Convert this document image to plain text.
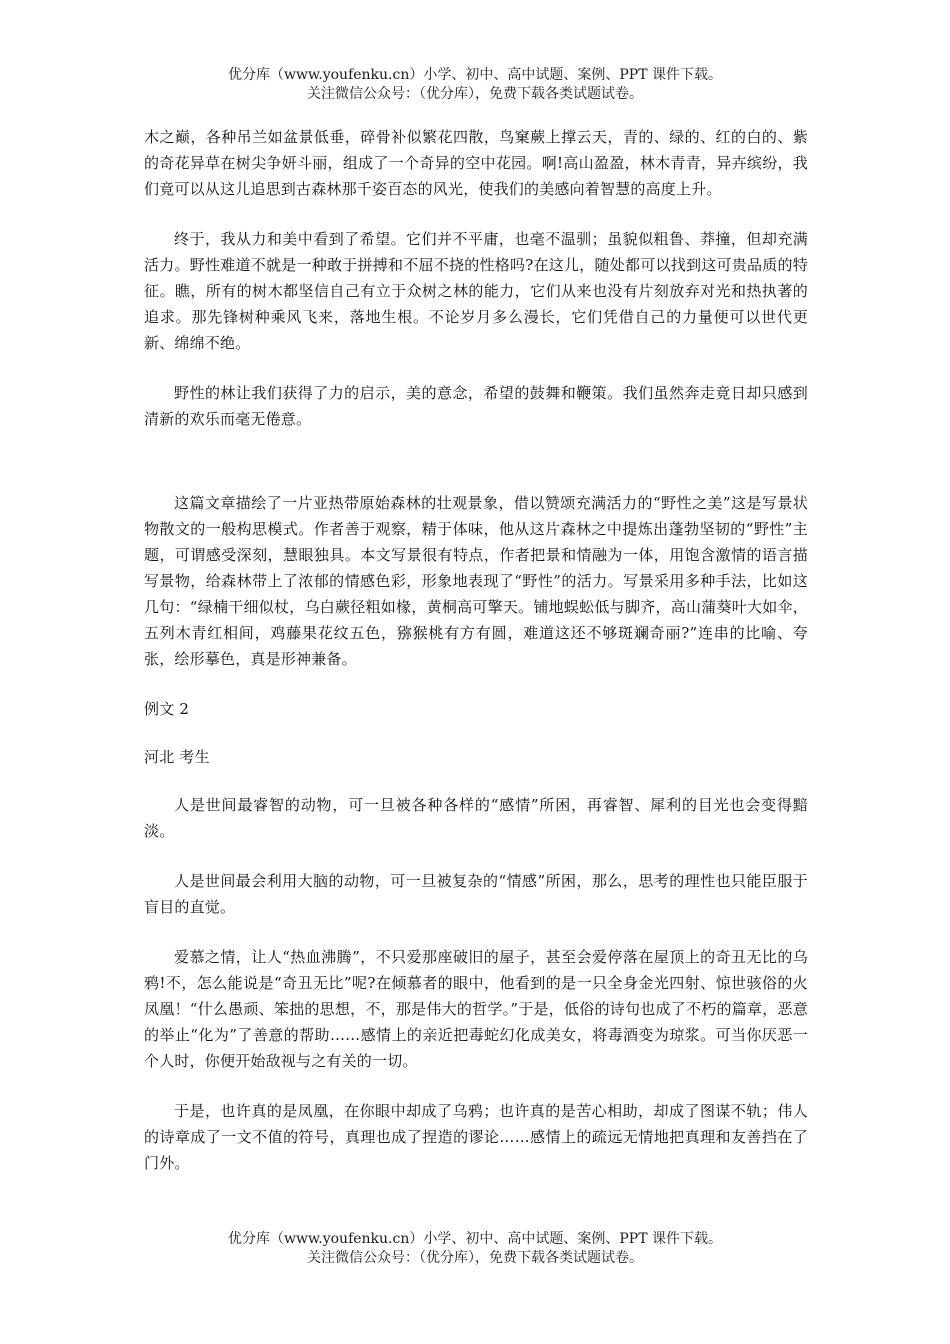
优分库（www.youfenku.cn）小学、初中、高中试题、案例、PPT 课件下载。
关注微信公众号：（优分库），免费下载各类试题试卷。

木之巅，各种吊兰如盆景低垂，碎骨补似繁花四散，鸟窠蕨上撑云天，青的、绿的、红的白的、紫的奇花异草在树尖争妍斗丽，组成了一个奇异的空中花园。啊!高山盈盈，林木青青，异卉缤纷，我们竟可以从这儿追思到古森林那千姿百态的风光，使我们的美感向着智慧的高度上升。

终于，我从力和美中看到了希望。它们并不平庸，也毫不温驯；虽貌似粗鲁、莽撞，但却充满活力。野性难道不就是一种敢于拼搏和不屈不挠的性格吗?在这儿，随处都可以找到这可贵品质的特征。瞧，所有的树木都坚信自己有立于众树之林的能力，它们从来也没有片刻放弃对光和热执著的追求。那先锋树种乘风飞来，落地生根。不论岁月多么漫长，它们凭借自己的力量便可以世代更新、绵绵不绝。

野性的林让我们获得了力的启示，美的意念，希望的鼓舞和鞭策。我们虽然奔走竟日却只感到清新的欢乐而毫无倦意。

这篇文章描绘了一片亚热带原始森林的壮观景象，借以赞颂充满活力的“野性之美”这是写景状物散文的一般构思模式。作者善于观察，精于体味，他从这片森林之中提炼出蓬勃坚韧的“野性”主题，可谓感受深刻，慧眼独具。本文写景很有特点，作者把景和情融为一体，用饱含激情的语言描写景物，给森林带上了浓郁的情感色彩，形象地表现了“野性”的活力。写景采用多种手法，比如这几句：“绿楠干细似杖，乌白蕨径粗如椽，黄桐高可擎天。铺地蜈蚣低与脚齐，高山蒲葵叶大如伞，五列木青红相间，鸡藤果花纹五色，猕猴桃有方有圆，难道这还不够斑斓奇丽?”连串的比喻、夸张，绘形摹色，真是形神兼备。

例文 2

河北 考生

人是世间最睿智的动物，可一旦被各种各样的“感情”所困，再睿智、犀利的目光也会变得黯淡。

人是世间最会利用大脑的动物，可一旦被复杂的“情感”所困，那么，思考的理性也只能臣服于盲目的直觉。

爱慕之情，让人“热血沸腾”，不只爱那座破旧的屋子，甚至会爱停落在屋顶上的奇丑无比的乌鸦!不，怎么能说是“奇丑无比”呢?在倾慕者的眼中，他看到的是一只全身金光四射、惊世骇俗的火凤凰！“什么愚顽、笨拙的思想，不，那是伟大的哲学。”于是，低俗的诗句也成了不朽的篇章，恶意的举止“化为”了善意的帮助……感情上的亲近把毒蛇幻化成美女，将毒酒变为琼浆。可当你厌恶一个人时，你便开始敌视与之有关的一切。

于是，也许真的是凤凰，在你眼中却成了乌鸦；也许真的是苦心相助，却成了图谋不轨；伟人的诗章成了一文不值的符号，真理也成了捏造的谬论……感情上的疏远无情地把真理和友善挡在了门外。

优分库（www.youfenku.cn）小学、初中、高中试题、案例、PPT 课件下载。
关注微信公众号：（优分库），免费下载各类试题试卷。
